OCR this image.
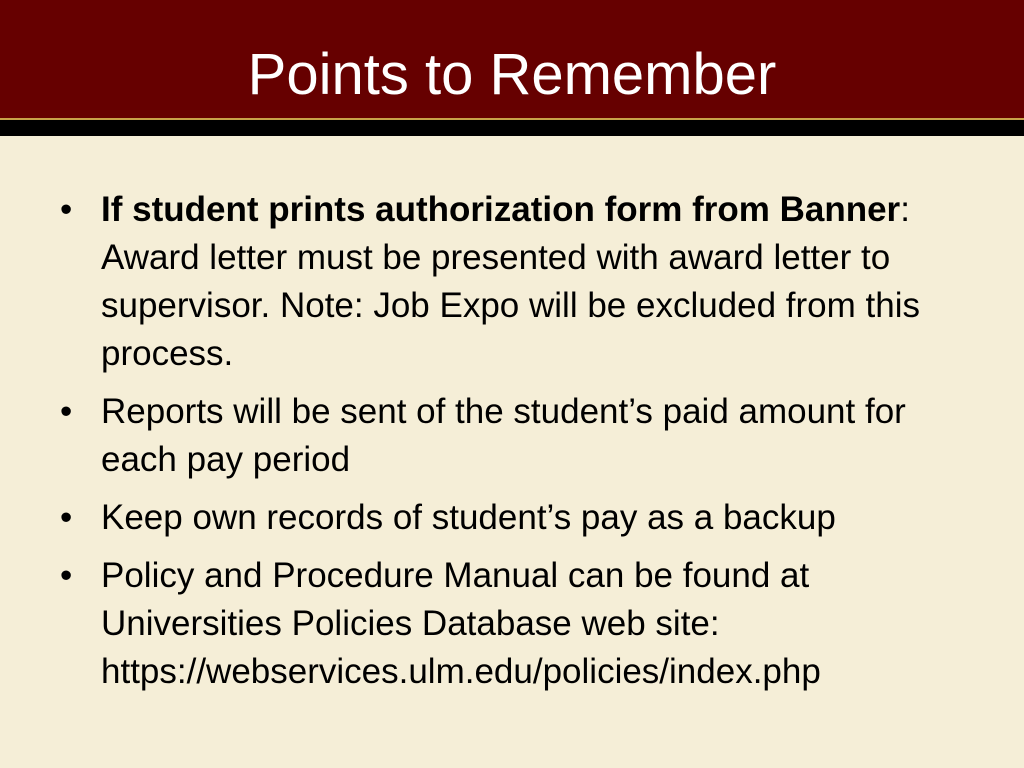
Points to Remember
• If student prints authorization form from Banner: Award letter must be presented with award letter to supervisor. Note: Job Expo will be excluded from this process.
• Reports will be sent of the student’s paid amount for each pay period
• Keep own records of student’s pay as a backup
• Policy and Procedure Manual can be found at Universities Policies Database web site: https://webservices.ulm.edu/policies/index.php
